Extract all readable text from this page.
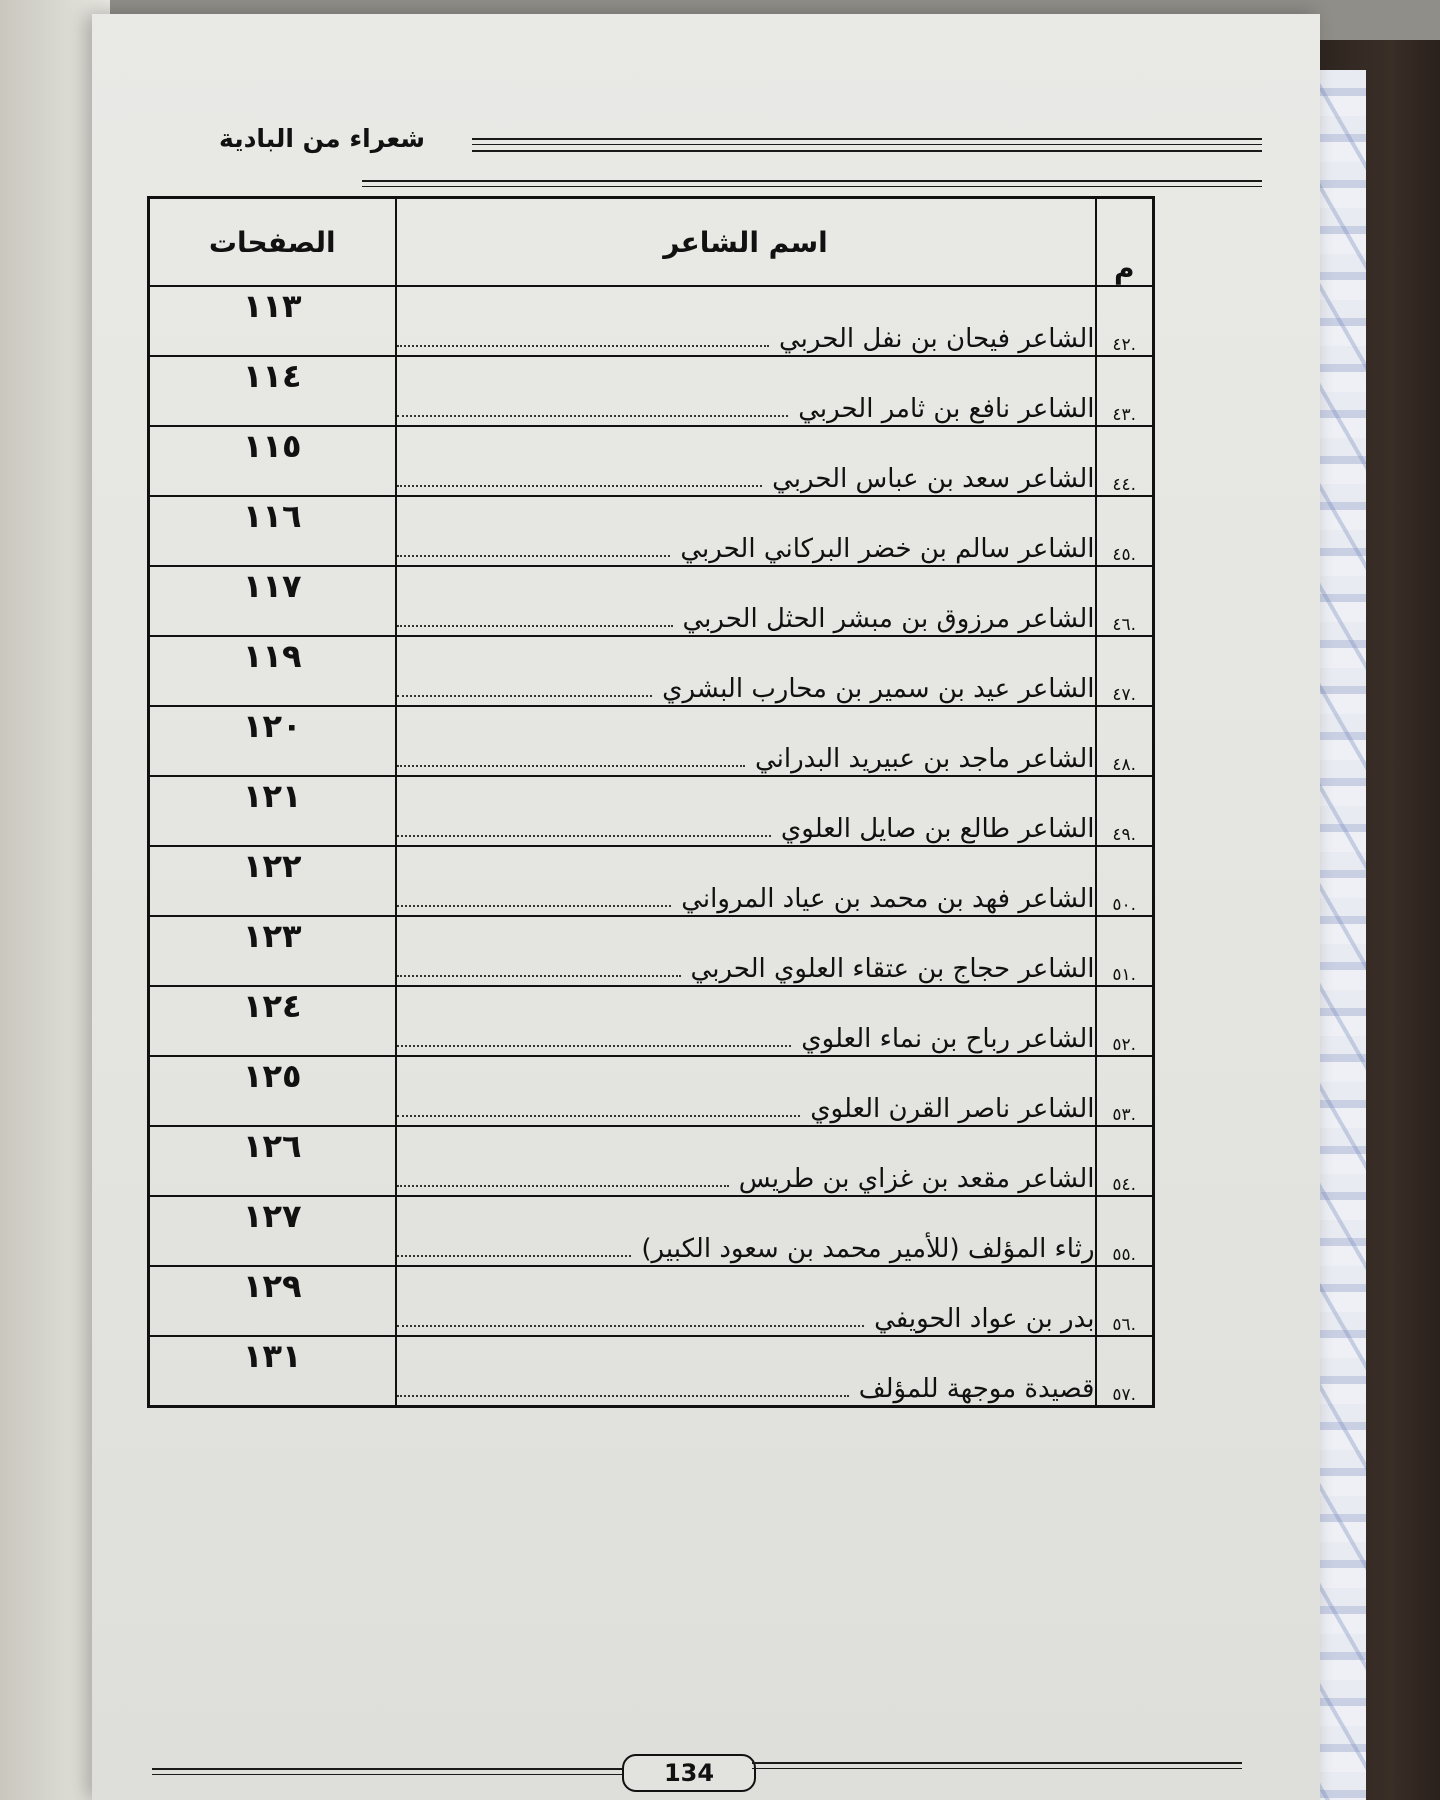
شعراء من البادية
م	اسم الشاعر	الصفحات
.٤٢	الشاعر فيحان بن نفل الحربي	١١٣
.٤٣	الشاعر نافع بن ثامر الحربي	١١٤
.٤٤	الشاعر سعد بن عباس الحربي	١١٥
.٤٥	الشاعر سالم بن خضر البركاني الحربي	١١٦
.٤٦	الشاعر مرزوق بن مبشر الحثل الحربي	١١٧
.٤٧	الشاعر عيد بن سمير بن محارب البشري	١١٩
.٤٨	الشاعر ماجد بن عبيريد البدراني	١٢٠
.٤٩	الشاعر طالع بن صايل العلوي	١٢١
.٥٠	الشاعر فهد بن محمد بن عياد المرواني	١٢٢
.٥١	الشاعر حجاج بن عتقاء العلوي الحربي	١٢٣
.٥٢	الشاعر رباح بن نماء العلوي	١٢٤
.٥٣	الشاعر ناصر القرن العلوي	١٢٥
.٥٤	الشاعر مقعد بن غزاي بن طريس	١٢٦
.٥٥	رثاء المؤلف (للأمير محمد بن سعود الكبير)	١٢٧
.٥٦	بدر بن عواد الحويفي	١٢٩
.٥٧	قصيدة موجهة للمؤلف	١٣١
134
